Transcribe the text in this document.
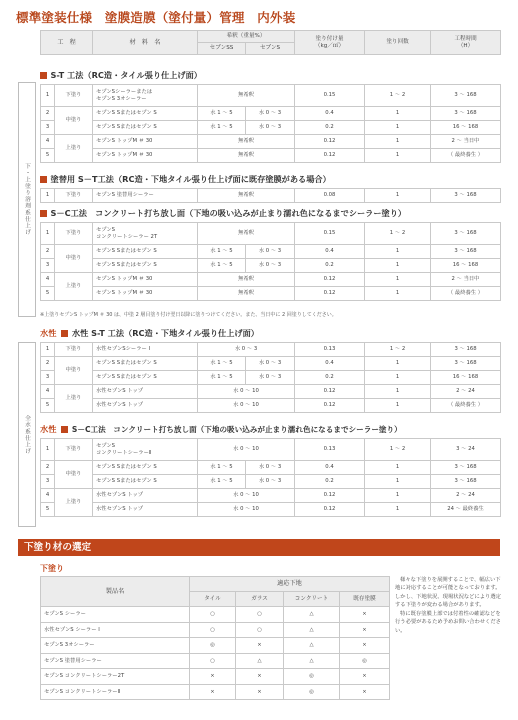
標準塗装仕様　塗膜造膜（塗付量）管理　内外装
工　程	材　料　名	希釈（重量%）		塗り付け量
（kg／㎡）	塗り回数	工程時間
（H）
		セプンSS	セプンS			
下・上塗り溶剤系仕上げ
全水系仕上げ
S-T 工法（RC造・タイル張り仕上げ面）
1	下塗り	セプンSシーラーまたは
セプンS 3オシーラー	無希釈		0.15	1 ～ 2	3 ～ 168
2	中塗り	セプンS Sまたはセプン S	水 1 ～ 5	水 0 ～ 3	0.4	1	3 ～ 168
3		セプンS Sまたはセプン S	水 1 ～ 5	水 0 ～ 3	0.2	1	16 ～ 168
4	上塗り	セプンS トップM ＃ 30	無希釈		0.12	1	2 ～ 当日中
5		セプンS トップM ＃ 30	無希釈		0.12	1	（ 最終養生 ）
塗替用 S－T工法（RC造・下地タイル張り仕上げ面に既存塗膜がある場合）
1	下塗り	セプンS 塗替用シーラー	無希釈	0.08	1	3 ～ 168
S－C工法　コンクリート打ち放し面（下地の吸い込みが止まり濡れ色になるまでシーラー塗り）
1	下塗り	セプンS
コンクリートシーラー 2T	無希釈		0.15	1 ～ 2	3 ～ 168
2	中塗り	セプンS Sまたはセプン S	水 1 ～ 5	水 0 ～ 3	0.4	1	3 ～ 168
3		セプンS Sまたはセプン S	水 1 ～ 5	水 0 ～ 3	0.2	1	16 ～ 168
4	上塗り	セプンS トップM ＃ 30	無希釈		0.12	1	2 ～ 当日中
5		セプンS トップM ＃ 30	無希釈		0.12	1	（ 最終養生 ）
※上塗りセプンS トップM ＃ 30 は、中塗 2 層目塗り付け翌日以降に塗りつけてください。また、当日中に 2 回塗りしてください。
水性 水性 S-T 工法（RC造・下地タイル張り仕上げ面）
1	下塗り	水性セプンSシーラー I	水 0 ～ 3		0.13	1 ～ 2	3 ～ 168
2	中塗り	セプンS Sまたはセプン S	水 1 ～ 5	水 0 ～ 3	0.4	1	3 ～ 168
3		セプンS Sまたはセプン S	水 1 ～ 5	水 0 ～ 3	0.2	1	16 ～ 168
4	上塗り	水性セプンS トップ	水 0 ～ 10		0.12	1	2 ～ 24
5		水性セプンS トップ	水 0 ～ 10		0.12	1	（ 最終養生 ）
水性 S－C工法　コンクリート打ち放し面（下地の吸い込みが止まり濡れ色になるまでシーラー塗り）
1	下塗り	セプンS
コンクリートシーラーⅡ	水 0 ～ 10		0.13	1 ～ 2	3 ～ 24
2	中塗り	セプンS Sまたはセプン S	水 1 ～ 5	水 0 ～ 3	0.4	1	3 ～ 168
3		セプンS Sまたはセプン S	水 1 ～ 5	水 0 ～ 3	0.2	1	3 ～ 168
4	上塗り	水性セプンS トップ	水 0 ～ 10		0.12	1	2 ～ 24
5		水性セプンS トップ	水 0 ～ 10		0.12	1	24 ～ 最終養生
下塗り材の選定
下塗り
製品名	適応下地			
	タイル	ガラス	コンクリート	既存塗膜
セプンS シーラー	○	○	△	×
水性セプンS シーラー I	○	○	△	×
セプンS 3オシーラー	◎	×	△	×
セプンS 塗替用シーラー	○	△	△	◎
セプンS コンクリートシーラー2T	×	×	◎	×
セプンS コンクリートシーラーⅡ	×	×	◎	×

様々な下塗りを展開することで、幅広い下地に対応することが可能となっております。しかし、下地状況、現場状況などにより選定する下塗りが変わる場合があります。

特に既存塗膜上部では付着性の確認などを行う必要があるため予めお問い合わせください。
